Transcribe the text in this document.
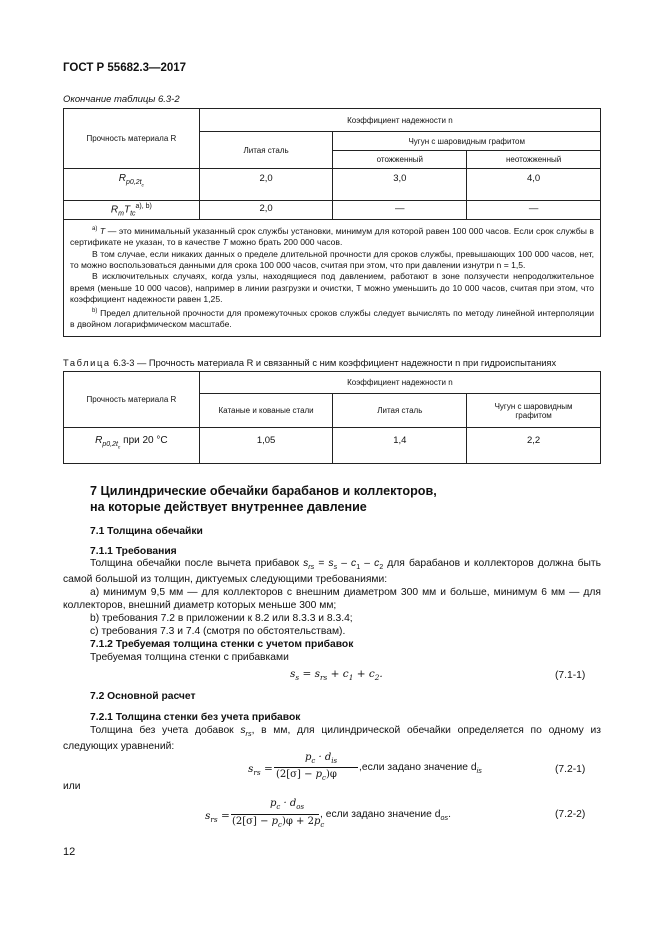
ГОСТ Р 55682.3—2017
Окончание таблицы 6.3-2
Прочность материала R	Коэффициент надежности n		
	Литая сталь	Чугун с шаровидным графитом	
		отожженный	неотожженный
$R_{p0,2t_c}$	2,0	3,0	4,0
$R_mT_{tc}^{a), b)}$	2,0	—	—

$^{a)}$ T — это минимальный указанный срок службы установки, минимум для которой равен 100 000 часов. Если срок службы в сертификате не указан, то в качестве T можно брать 200 000 часов.

В том случае, если никаких данных о пределе длительной прочности для сроков службы, превышающих 100 000 часов, нет, то можно воспользоваться данными для срока 100 000 часов, считая при этом, что при давлении изнутри n = 1,5.

В исключительных случаях, когда узлы, находящиеся под давлением, работают в зоне ползучести непродолжительное время (меньше 10 000 часов), например в линии разгрузки и очистки, T можно уменьшить до 10 000 часов, считая при этом, что коэффициент надежности равен 1,25.

$^{b)}$ Предел длительной прочности для промежуточных сроков службы следует вычислять по методу линейной интерполяции в двойном логарифмическом масштабе.			

Таблица 6.3-3 — Прочность материала R и связанный с ним коэффициент надежности n при гидроиспытаниях
Прочность материала R	Коэффициент надежности n		
	Катаные и кованые стали	Литая сталь	Чугун с шаровидным графитом
$R_{p0,2t_c}$ при 20 °С	1,05	1,4	2,2
7 Цилиндрические обечайки барабанов и коллекторов,
на которые действует внутреннее давление
7.1 Толщина обечайки
7.1.1 Требования
Толщина обечайки после вычета прибавок $s_{rs} = s_s - c_1 - c_2$ для барабанов и коллекторов должна быть самой большой из толщин, диктуемых следующими требованиями:
a) минимум 9,5 мм — для коллекторов с внешним диаметром 300 мм и больше, минимум 6 мм — для коллекторов, внешний диаметр которых меньше 300 мм;
b) требования 7.2 в приложении к 8.2 или 8.3.3 и 8.3.4;
c) требования 7.3 и 7.4 (смотря по обстоятельствам).
7.1.2 Требуемая толщина стенки с учетом прибавок
Требуемая толщина стенки с прибавками
$s_s = s_{rs} + c_1 + c_2$.	(7.1-1)
7.2 Основной расчет
7.2.1 Толщина стенки без учета прибавок
Толщина без учета добавок $s_{rs}$, в мм, для цилиндрической обечайки определяется по одному из следующих уравнений:
$s_{rs}$ =
$p_c \cdot d_{is}$
$(2[\sigma] - p_c)\varphi$
,если задано значение $d_{is}$	(7.2-1)
или
$s_{rs}$ =
$p_c \cdot d_{os}$
$(2[\sigma] - p_c)\varphi + 2p_c$
, если задано значение $d_{os}$.	(7.2-2)
12
